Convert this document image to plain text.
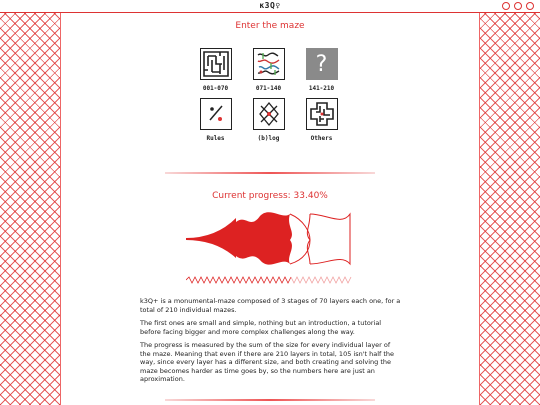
κ3Q♀
Enter the maze
001-070	071-140
?
141-210
Rules	(b)log	Others
Current progress: 33.40%

k3Q+ is a monumental-maze composed of 3 stages of 70 layers each one, for a total of 210 individual mazes.

The first ones are small and simple, nothing but an introduction, a tutorial before facing bigger and more complex challenges along the way.

The progress is measured by the sum of the size for every individual layer of the maze. Meaning that even if there are 210 layers in total, 105 isn't half the way, since every layer has a different size, and both creating and solving the maze becomes harder as time goes by, so the numbers here are just an aproximation.
